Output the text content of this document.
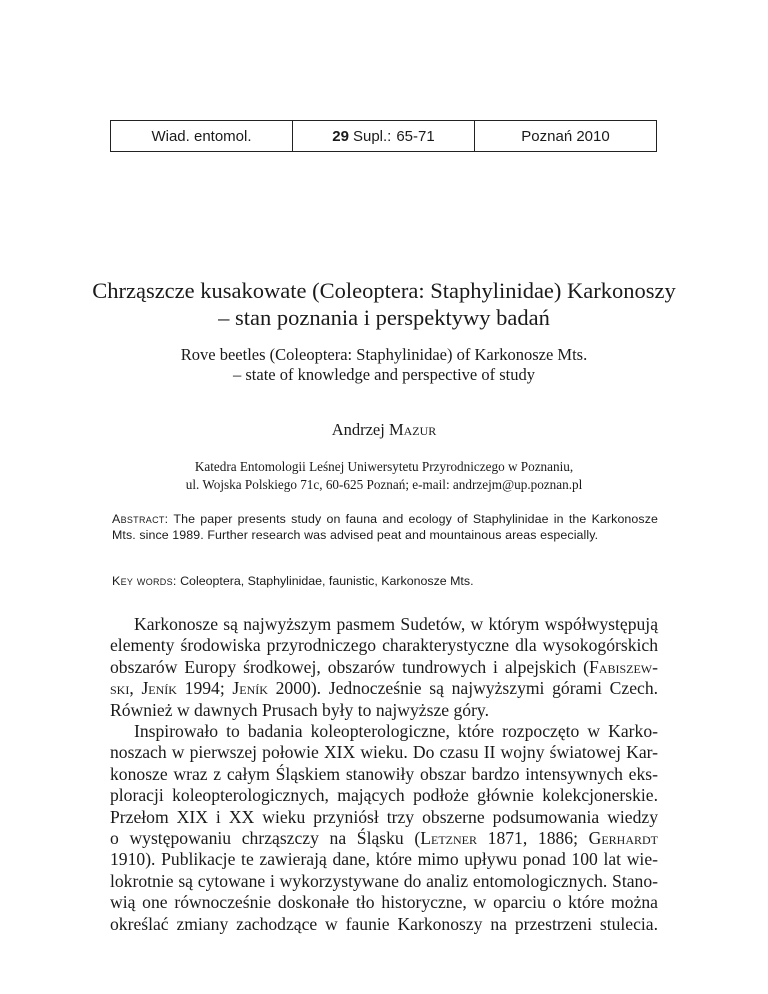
Wiad. entomol.	29 Supl.: 65-71	Poznań 2010
Chrząszcze kusakowate (Coleoptera: Staphylinidae) Karkonoszy
– stan poznania i perspektywy badań
Rove beetles (Coleoptera: Staphylinidae) of Karkonosze Mts.
– state of knowledge and perspective of study
Andrzej Mazur
Katedra Entomologii Leśnej Uniwersytetu Przyrodniczego w Poznaniu,
ul. Wojska Polskiego 71c, 60-625 Poznań; e-mail: andrzejm@up.poznan.pl
Abstract: The paper presents study on fauna and ecology of Staphylinidae in the Karkonosze Mts. since 1989. Further research was advised peat and mountainous areas especially.
Key words: Coleoptera, Staphylinidae, faunistic, Karkonosze Mts.
Karkonosze są najwyższym pasmem Sudetów, w którym współwystępują
elementy środowiska przyrodniczego charakterystyczne dla wysokogórskich
obszarów Europy środkowej, obszarów tundrowych i alpejskich (Fabiszew-
ski, Jeník 1994; Jeník 2000). Jednocześnie są najwyższymi górami Czech.
Również w dawnych Prusach były to najwyższe góry.
Inspirowało to badania koleopterologiczne, które rozpoczęto w Karko-
noszach w pierwszej połowie XIX wieku. Do czasu II wojny światowej Kar-
konosze wraz z całym Śląskiem stanowiły obszar bardzo intensywnych eks-
ploracji koleopterologicznych, mających podłoże głównie kolekcjonerskie.
Przełom XIX i XX wieku przyniósł trzy obszerne podsumowania wiedzy
o występowaniu chrząszczy na Śląsku (Letzner 1871, 1886; Gerhardt
1910). Publikacje te zawierają dane, które mimo upływu ponad 100 lat wie-
lokrotnie są cytowane i wykorzystywane do analiz entomologicznych. Stano-
wią one równocześnie doskonałe tło historyczne, w oparciu o które można
określać zmiany zachodzące w faunie Karkonoszy na przestrzeni stulecia.
